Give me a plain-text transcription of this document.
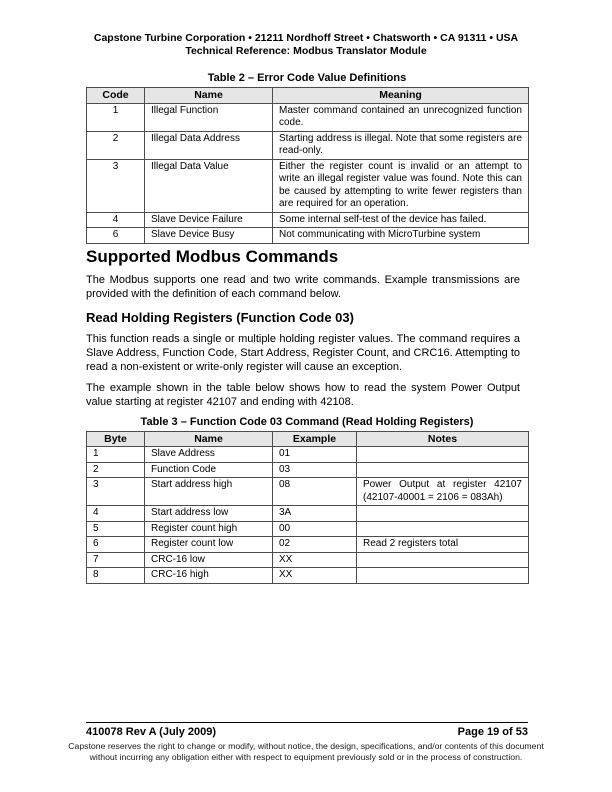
Capstone Turbine Corporation • 21211 Nordhoff Street • Chatsworth • CA 91311 • USA
Technical Reference: Modbus Translator Module
Table 2 – Error Code Value Definitions
Code	Name	Meaning
1	Illegal Function	Master command contained an unrecognized function code.
2	Illegal Data Address	Starting address is illegal. Note that some registers are read-only.
3	Illegal Data Value	Either the register count is invalid or an attempt to write an illegal register value was found. Note this can be caused by attempting to write fewer registers than are required for an operation.
4	Slave Device Failure	Some internal self-test of the device has failed.
6	Slave Device Busy	Not communicating with MicroTurbine system
Supported Modbus Commands

The Modbus supports one read and two write commands. Example transmissions are provided with the definition of each command below.

Read Holding Registers (Function Code 03)

This function reads a single or multiple holding register values. The command requires a Slave Address, Function Code, Start Address, Register Count, and CRC16. Attempting to read a non-existent or write-only register will cause an exception.

The example shown in the table below shows how to read the system Power Output value starting at register 42107 and ending with 42108.

Table 3 – Function Code 03 Command (Read Holding Registers)
Byte	Name	Example	Notes
1	Slave Address	01	
2	Function Code	03	
3	Start address high	08	Power Output at register 42107 (42107-40001 = 2106 = 083Ah)
4	Start address low	3A	
5	Register count high	00	
6	Register count low	02	Read 2 registers total
7	CRC-16 low	XX	
8	CRC-16 high	XX	
410078 Rev A (July 2009)	Page 19 of 53
Capstone reserves the right to change or modify, without notice, the design, specifications, and/or contents of this document
without incurring any obligation either with respect to equipment previously sold or in the process of construction.
